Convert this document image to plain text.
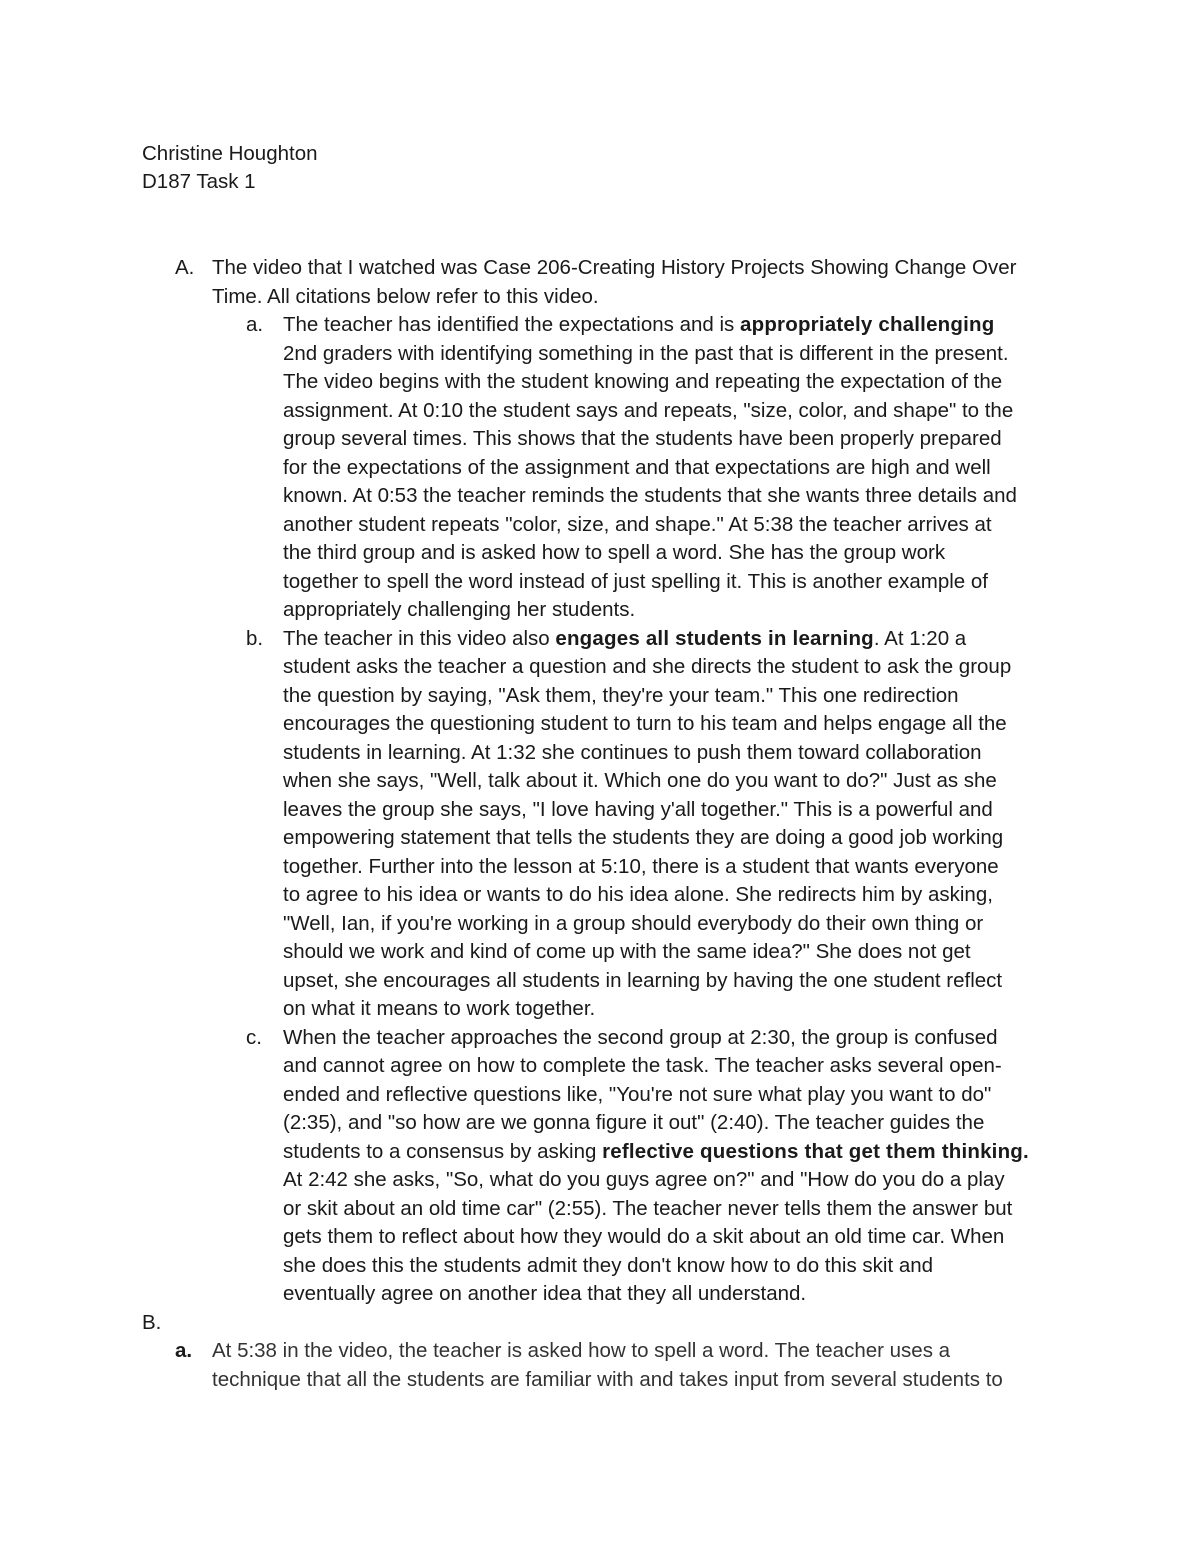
Christine Houghton
D187 Task 1
A. The video that I watched was Case 206-Creating History Projects Showing Change Over
Time. All citations below refer to this video.
a. The teacher has identified the expectations and is appropriately challenging
2nd graders with identifying something in the past that is different in the present.
The video begins with the student knowing and repeating the expectation of the
assignment. At 0:10 the student says and repeats, "size, color, and shape" to the
group several times. This shows that the students have been properly prepared
for the expectations of the assignment and that expectations are high and well
known. At 0:53 the teacher reminds the students that she wants three details and
another student repeats "color, size, and shape." At 5:38 the teacher arrives at
the third group and is asked how to spell a word. She has the group work
together to spell the word instead of just spelling it. This is another example of
appropriately challenging her students.
b. The teacher in this video also engages all students in learning. At 1:20 a
student asks the teacher a question and she directs the student to ask the group
the question by saying, "Ask them, they're your team." This one redirection
encourages the questioning student to turn to his team and helps engage all the
students in learning. At 1:32 she continues to push them toward collaboration
when she says, "Well, talk about it. Which one do you want to do?" Just as she
leaves the group she says, "I love having y'all together." This is a powerful and
empowering statement that tells the students they are doing a good job working
together. Further into the lesson at 5:10, there is a student that wants everyone
to agree to his idea or wants to do his idea alone. She redirects him by asking,
"Well, Ian, if you're working in a group should everybody do their own thing or
should we work and kind of come up with the same idea?" She does not get
upset, she encourages all students in learning by having the one student reflect
on what it means to work together.
c. When the teacher approaches the second group at 2:30, the group is confused
and cannot agree on how to complete the task. The teacher asks several open-
ended and reflective questions like, "You're not sure what play you want to do"
(2:35), and "so how are we gonna figure it out" (2:40). The teacher guides the
students to a consensus by asking reflective questions that get them thinking.
At 2:42 she asks, "So, what do you guys agree on?" and "How do you do a play
or skit about an old time car" (2:55). The teacher never tells them the answer but
gets them to reflect about how they would do a skit about an old time car. When
she does this the students admit they don't know how to do this skit and
eventually agree on another idea that they all understand.
B.
a. At 5:38 in the video, the teacher is asked how to spell a word. The teacher uses a
technique that all the students are familiar with and takes input from several students to
